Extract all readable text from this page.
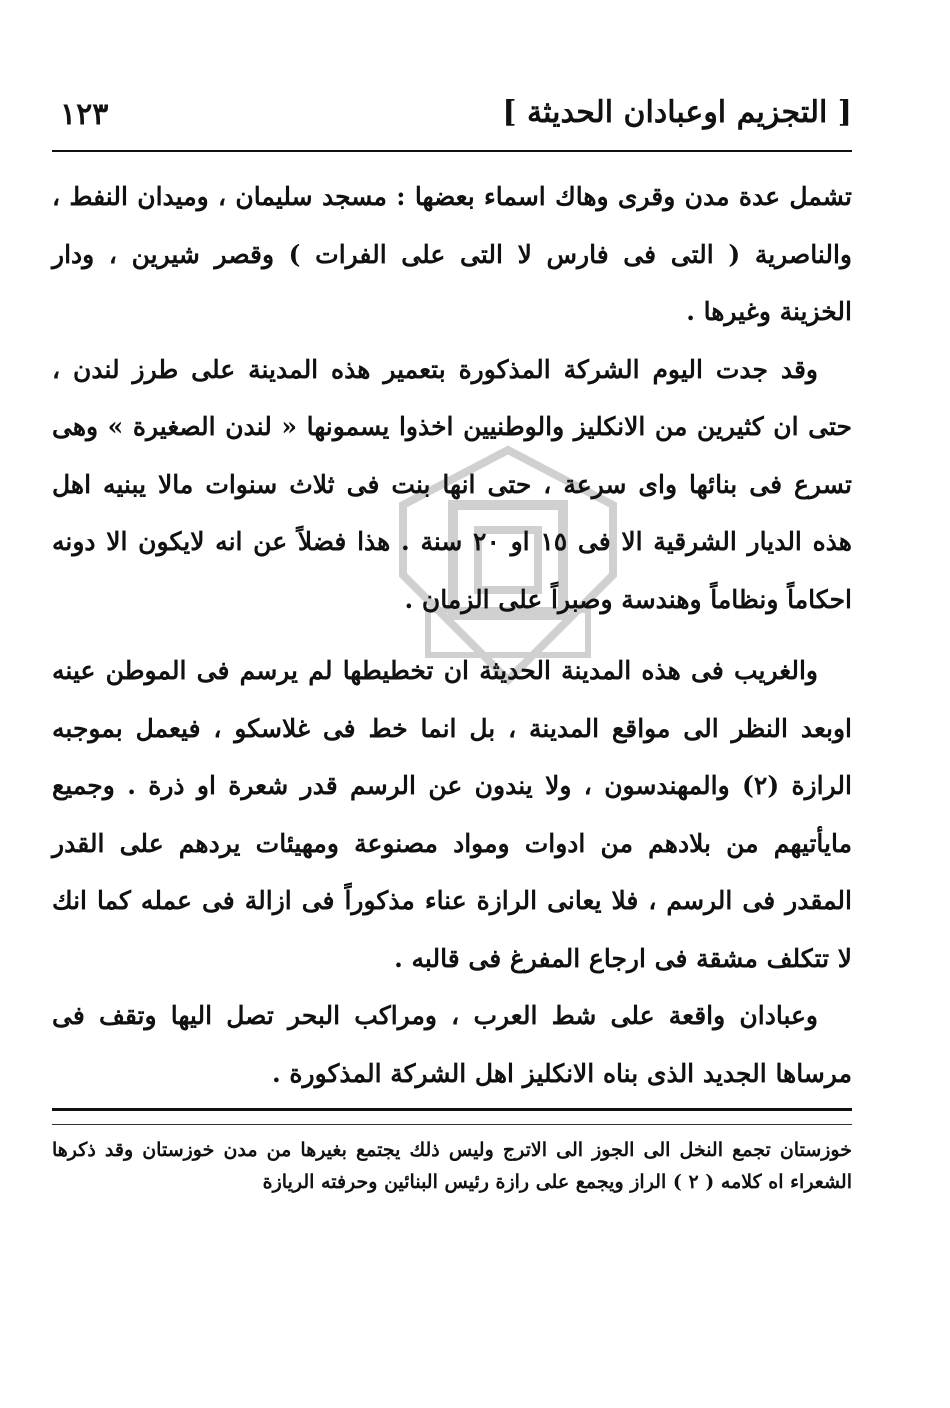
[ التجزيم اوعبادان الحديثة ]
١٢٣

تشمل عدة مدن وقرى وهاك اسماء بعضها : مسجد سليمان ، وميدان النفط ، والناصرية ( التى فى فارس لا التى على الفرات ) وقصر شيرين ، ودار الخزينة وغيرها .

وقد جدت اليوم الشركة المذكورة بتعمير هذه المدينة على طرز لندن ، حتى ان كثيرين من الانكليز والوطنيين اخذوا يسمونها « لندن الصغيرة » وهى تسرع فى بنائها واى سرعة ، حتى انها بنت فى ثلاث سنوات مالا يبنيه اهل هذه الديار الشرقية الا فى ١٥ او ٢٠ سنة . هذا فضلاً عن انه لايكون الا دونه احكاماً ونظاماً وهندسة وصبراً على الزمان .

والغريب فى هذه المدينة الحديثة ان تخطيطها لم يرسم فى الموطن عينه اوبعد النظر الى مواقع المدينة ، بل انما خط فى غلاسكو ، فيعمل بموجبه الرازة (٢) والمهندسون ، ولا يندون عن الرسم قدر شعرة او ذرة . وجميع مايأتيهم من بلادهم من ادوات ومواد مصنوعة ومهيئات يردهم على القدر المقدر فى الرسم ، فلا يعانى الرازة عناء مذكوراً فى ازالة فى عمله كما انك لا تتكلف مشقة فى ارجاع المفرغ فى قالبه .

وعبادان واقعة على شط العرب ، ومراكب البحر تصل اليها وتقف فى مرساها الجديد الذى بناه الانكليز اهل الشركة المذكورة .

خوزستان تجمع النخل الى الجوز الى الاترج وليس ذلك يجتمع بغيرها من مدن خوزستان وقد ذكرها الشعراء اه كلامه ( ٢ ) الراز ويجمع على رازة رئيس البنائين وحرفته الريازة
